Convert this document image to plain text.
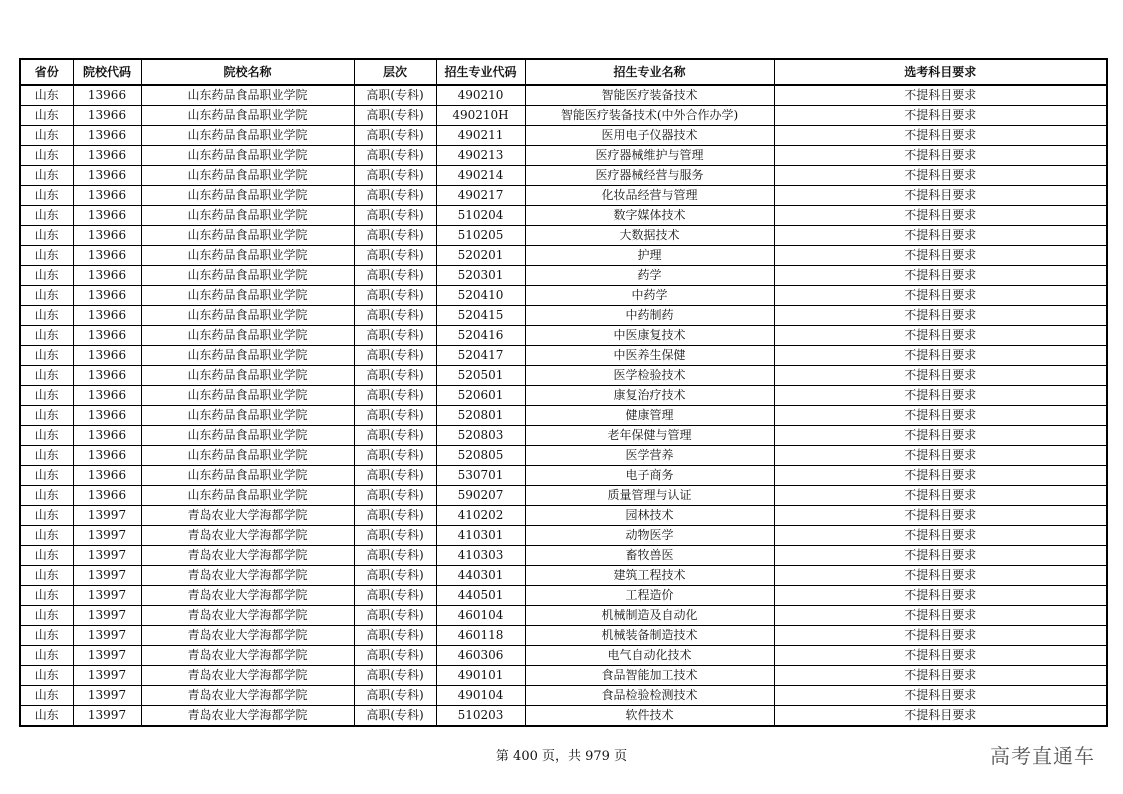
省份	院校代码	院校名称	层次	招生专业代码	招生专业名称	选考科目要求
山东	13966	山东药品食品职业学院	高职(专科)	490210	智能医疗装备技术	不提科目要求
山东	13966	山东药品食品职业学院	高职(专科)	490210H	智能医疗装备技术(中外合作办学)	不提科目要求
山东	13966	山东药品食品职业学院	高职(专科)	490211	医用电子仪器技术	不提科目要求
山东	13966	山东药品食品职业学院	高职(专科)	490213	医疗器械维护与管理	不提科目要求
山东	13966	山东药品食品职业学院	高职(专科)	490214	医疗器械经营与服务	不提科目要求
山东	13966	山东药品食品职业学院	高职(专科)	490217	化妆品经营与管理	不提科目要求
山东	13966	山东药品食品职业学院	高职(专科)	510204	数字媒体技术	不提科目要求
山东	13966	山东药品食品职业学院	高职(专科)	510205	大数据技术	不提科目要求
山东	13966	山东药品食品职业学院	高职(专科)	520201	护理	不提科目要求
山东	13966	山东药品食品职业学院	高职(专科)	520301	药学	不提科目要求
山东	13966	山东药品食品职业学院	高职(专科)	520410	中药学	不提科目要求
山东	13966	山东药品食品职业学院	高职(专科)	520415	中药制药	不提科目要求
山东	13966	山东药品食品职业学院	高职(专科)	520416	中医康复技术	不提科目要求
山东	13966	山东药品食品职业学院	高职(专科)	520417	中医养生保健	不提科目要求
山东	13966	山东药品食品职业学院	高职(专科)	520501	医学检验技术	不提科目要求
山东	13966	山东药品食品职业学院	高职(专科)	520601	康复治疗技术	不提科目要求
山东	13966	山东药品食品职业学院	高职(专科)	520801	健康管理	不提科目要求
山东	13966	山东药品食品职业学院	高职(专科)	520803	老年保健与管理	不提科目要求
山东	13966	山东药品食品职业学院	高职(专科)	520805	医学营养	不提科目要求
山东	13966	山东药品食品职业学院	高职(专科)	530701	电子商务	不提科目要求
山东	13966	山东药品食品职业学院	高职(专科)	590207	质量管理与认证	不提科目要求
山东	13997	青岛农业大学海都学院	高职(专科)	410202	园林技术	不提科目要求
山东	13997	青岛农业大学海都学院	高职(专科)	410301	动物医学	不提科目要求
山东	13997	青岛农业大学海都学院	高职(专科)	410303	畜牧兽医	不提科目要求
山东	13997	青岛农业大学海都学院	高职(专科)	440301	建筑工程技术	不提科目要求
山东	13997	青岛农业大学海都学院	高职(专科)	440501	工程造价	不提科目要求
山东	13997	青岛农业大学海都学院	高职(专科)	460104	机械制造及自动化	不提科目要求
山东	13997	青岛农业大学海都学院	高职(专科)	460118	机械装备制造技术	不提科目要求
山东	13997	青岛农业大学海都学院	高职(专科)	460306	电气自动化技术	不提科目要求
山东	13997	青岛农业大学海都学院	高职(专科)	490101	食品智能加工技术	不提科目要求
山东	13997	青岛农业大学海都学院	高职(专科)	490104	食品检验检测技术	不提科目要求
山东	13997	青岛农业大学海都学院	高职(专科)	510203	软件技术	不提科目要求
第 400 页，共 979 页	高考直通车
